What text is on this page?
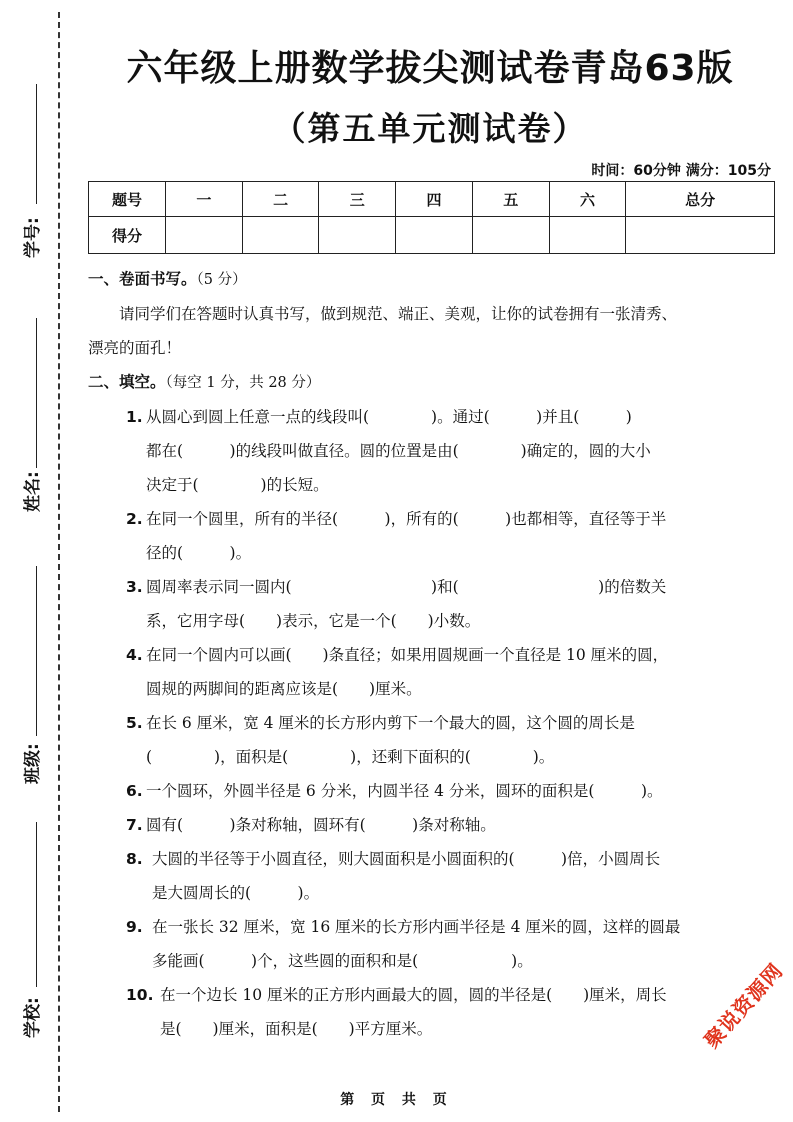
学号:
姓名:
班级:
学校:
六年级上册数学拔尖测试卷青岛63版
（第五单元测试卷）
时间：60分钟 满分：105分
题号	一	二	三	四	五	六	总分
得分							
一、卷面书写。（5 分）

请同学们在答题时认真书写，做到规范、端正、美观，让你的试卷拥有一张清秀、

漂亮的面孔！

二、填空。（每空 1 分，共 28 分）
1. 从圆心到圆上任意一点的线段叫(　　　　)。通过(　　　)并且(　　　)

都在(　　　)的线段叫做直径。圆的位置是由(　　　　)确定的，圆的大小

决定于(　　　　)的长短。

2. 在同一个圆里，所有的半径(　　　)，所有的(　　　)也都相等，直径等于半

径的(　　　)。

3. 圆周率表示同一圆内(　　　　　　　　　)和(　　　　　　　　　)的倍数关

系，它用字母(　　)表示，它是一个(　　)小数。

4. 在同一个圆内可以画(　　)条直径；如果用圆规画一个直径是 10 厘米的圆，

圆规的两脚间的距离应该是(　　)厘米。

5. 在长 6 厘米，宽 4 厘米的长方形内剪下一个最大的圆，这个圆的周长是

(　　　　)，面积是(　　　　)，还剩下面积的(　　　　)。

6. 一个圆环，外圆半径是 6 分米，内圆半径 4 分米，圆环的面积是(　　　)。

7. 圆有(　　　)条对称轴，圆环有(　　　)条对称轴。

8. 大圆的半径等于小圆直径，则大圆面积是小圆面积的(　　　)倍，小圆周长

是大圆周长的(　　　)。

9. 在一张长 32 厘米，宽 16 厘米的长方形内画半径是 4 厘米的圆，这样的圆最

多能画(　　　)个，这些圆的面积和是(　　　　　　)。

10. 在一个边长 10 厘米的正方形内画最大的圆，圆的半径是(　　)厘米，周长

是(　　)厘米，面积是(　　)平方厘米。	聚说资源网
第 页 共 页
